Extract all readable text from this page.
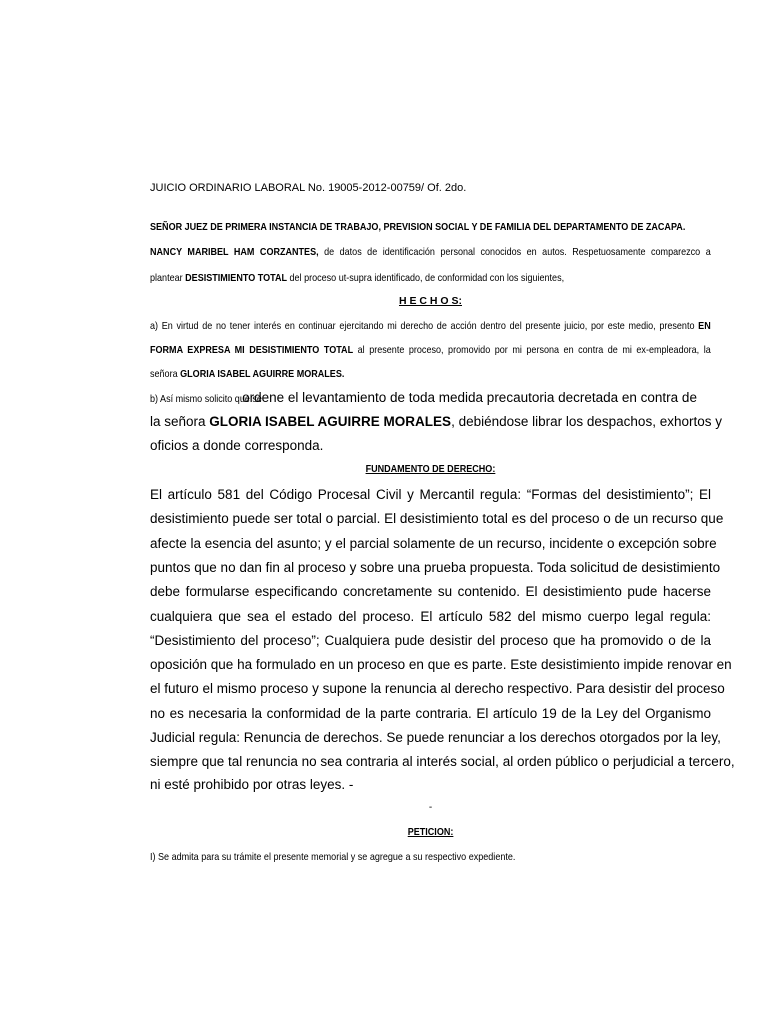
JUICIO ORDINARIO LABORAL No. 19005-2012-00759/ Of. 2do.
SEÑOR JUEZ DE PRIMERA INSTANCIA DE TRABAJO, PREVISION SOCIAL Y DE FAMILIA DEL DEPARTAMENTO DE ZACAPA.
NANCY MARIBEL HAM CORZANTES, de datos de identificación personal conocidos en autos. Respetuosamente comparezco a
plantear DESISTIMIENTO TOTAL del proceso ut-supra identificado, de conformidad con los siguientes,
H E C H O S:
a) En virtud de no tener interés en continuar ejercitando mi derecho de acción dentro del presente juicio, por este medio, presento EN
FORMA EXPRESA MI DESISTIMIENTO TOTAL al presente proceso, promovido por mi persona en contra de mi ex-empleadora, la
señora GLORIA ISABEL AGUIRRE MORALES.
b) Así mismo solicito que seordene el levantamiento de toda medida precautoria decretada en contra de
la señora GLORIA ISABEL AGUIRRE MORALES, debiéndose librar los despachos, exhortos y
oficios a donde corresponda.
FUNDAMENTO DE DERECHO:
El artículo 581 del Código Procesal Civil y Mercantil regula: “Formas del desistimiento”; El
desistimiento puede ser total o parcial. El desistimiento total es del proceso o de un recurso que
afecte la esencia del asunto; y el parcial solamente de un recurso, incidente o excepción sobre
puntos que no dan fin al proceso y sobre una prueba propuesta. Toda solicitud de desistimiento
debe formularse especificando concretamente su contenido. El desistimiento pude hacerse
cualquiera que sea el estado del proceso. El artículo 582 del mismo cuerpo legal regula:
“Desistimiento del proceso”; Cualquiera pude desistir del proceso que ha promovido o de la
oposición que ha formulado en un proceso en que es parte. Este desistimiento impide renovar en
el futuro el mismo proceso y supone la renuncia al derecho respectivo. Para desistir del proceso
no es necesaria la conformidad de la parte contraria. El artículo 19 de la Ley del Organismo
Judicial regula: Renuncia de derechos. Se puede renunciar a los derechos otorgados por la ley,
siempre que tal renuncia no sea contraria al interés social, al orden público o perjudicial a tercero,
ni esté prohibido por otras leyes. -
-
PETICION:
I) Se admita para su trámite el presente memorial y se agregue a su respectivo expediente.
